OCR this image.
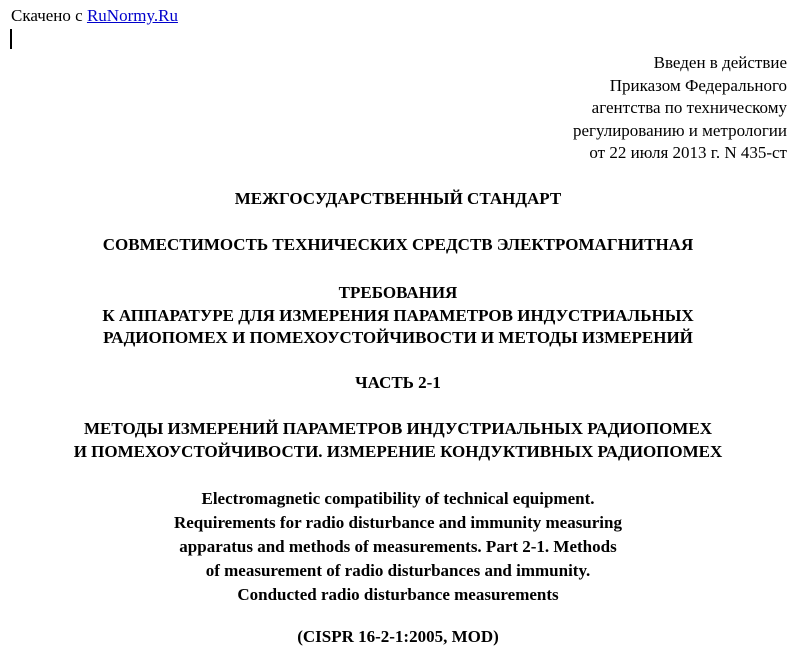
Скачено с RuNormy.Ru
Введен в действие
Приказом Федерального
агентства по техническому
регулированию и метрологии
от 22 июля 2013 г. N 435-ст
МЕЖГОСУДАРСТВЕННЫЙ СТАНДАРТ
СОВМЕСТИМОСТЬ ТЕХНИЧЕСКИХ СРЕДСТВ ЭЛЕКТРОМАГНИТНАЯ
ТРЕБОВАНИЯ
К АППАРАТУРЕ ДЛЯ ИЗМЕРЕНИЯ ПАРАМЕТРОВ ИНДУСТРИАЛЬНЫХ
РАДИОПОМЕХ И ПОМЕХОУСТОЙЧИВОСТИ И МЕТОДЫ ИЗМЕРЕНИЙ
ЧАСТЬ 2-1
МЕТОДЫ ИЗМЕРЕНИЙ ПАРАМЕТРОВ ИНДУСТРИАЛЬНЫХ РАДИОПОМЕХ
И ПОМЕХОУСТОЙЧИВОСТИ. ИЗМЕРЕНИЕ КОНДУКТИВНЫХ РАДИОПОМЕХ
Electromagnetic compatibility of technical equipment.
Requirements for radio disturbance and immunity measuring
apparatus and methods of measurements. Part 2-1. Methods
of measurement of radio disturbances and immunity.
Conducted radio disturbance measurements
(CISPR 16-2-1:2005, MOD)
